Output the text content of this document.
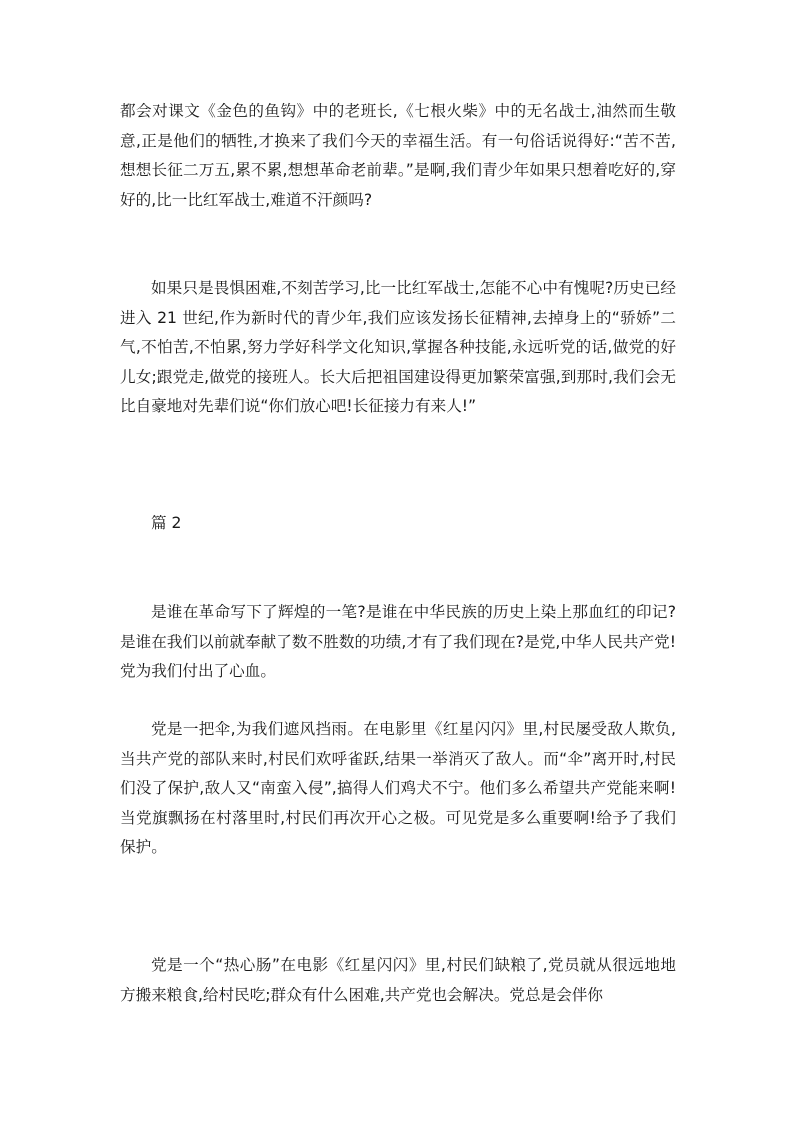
都会对课文《金色的鱼钩》中的老班长,《七根火柴》中的无名战士,油然而生敬意,正是他们的牺牲,才换来了我们今天的幸福生活。有一句俗话说得好:“苦不苦,想想长征二万五,累不累,想想革命老前辈。”是啊,我们青少年如果只想着吃好的,穿好的,比一比红军战士,难道不汗颜吗?

如果只是畏惧困难,不刻苦学习,比一比红军战士,怎能不心中有愧呢?历史已经进入 21 世纪,作为新时代的青少年,我们应该发扬长征精神,去掉身上的“骄娇”二气,不怕苦,不怕累,努力学好科学文化知识,掌握各种技能,永远听党的话,做党的好儿女;跟党走,做党的接班人。长大后把祖国建设得更加繁荣富强,到那时,我们会无比自豪地对先辈们说“你们放心吧!长征接力有来人!”

篇 2

是谁在革命写下了辉煌的一笔?是谁在中华民族的历史上染上那血红的印记?是谁在我们以前就奉献了数不胜数的功绩,才有了我们现在?是党,中华人民共产党!党为我们付出了心血。

党是一把伞,为我们遮风挡雨。在电影里《红星闪闪》里,村民屡受敌人欺负,当共产党的部队来时,村民们欢呼雀跃,结果一举消灭了敌人。而“伞”离开时,村民们没了保护,敌人又“南蛮入侵”,搞得人们鸡犬不宁。他们多么希望共产党能来啊!当党旗飘扬在村落里时,村民们再次开心之极。可见党是多么重要啊!给予了我们保护。

党是一个“热心肠”在电影《红星闪闪》里,村民们缺粮了,党员就从很远地地方搬来粮食,给村民吃;群众有什么困难,共产党也会解决。党总是会伴你
